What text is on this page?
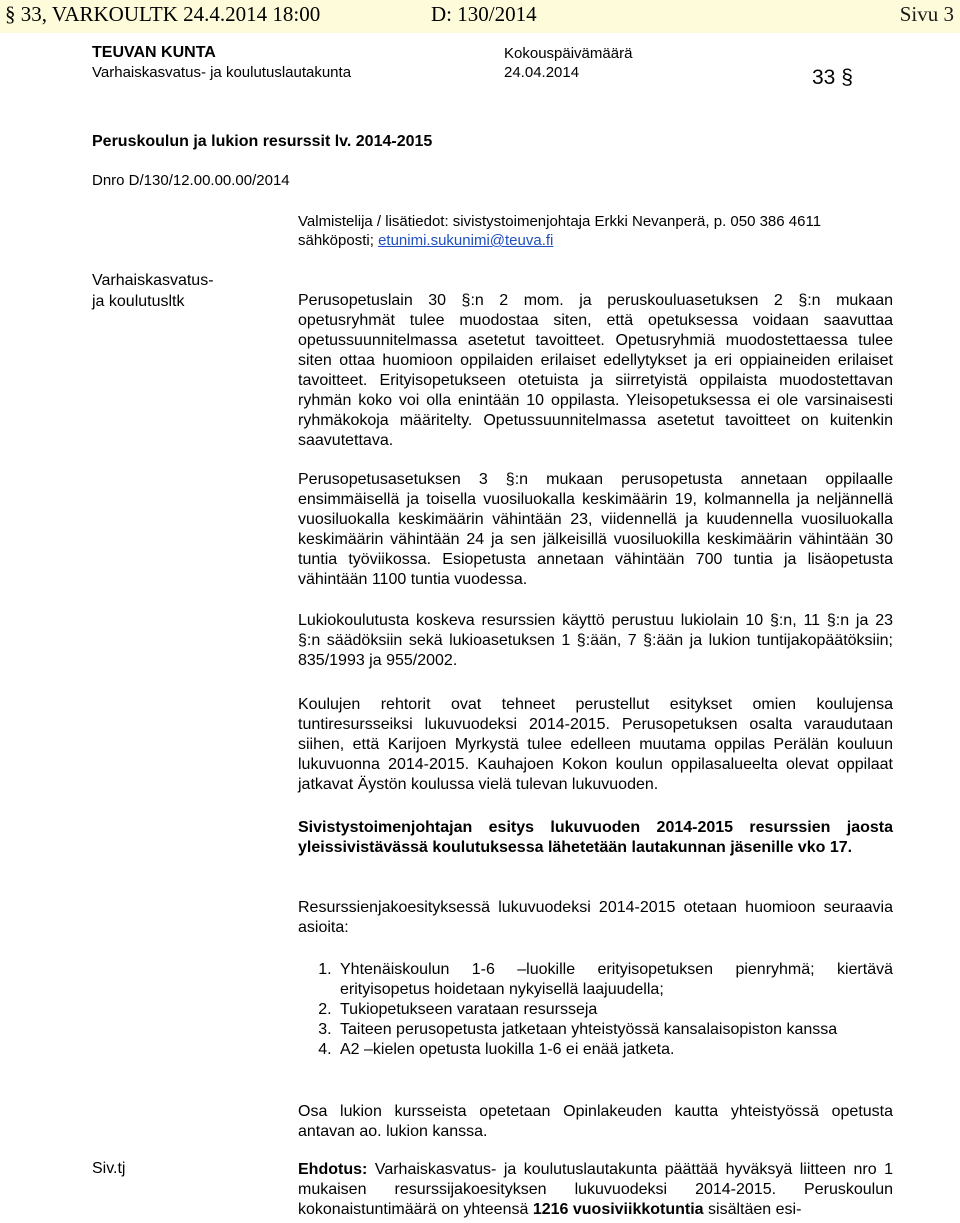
§ 33, VARKOULTK 24.4.2014 18:00	D: 130/2014	Sivu 3
TEUVAN KUNTA
Varhaiskasvatus- ja koulutuslautakunta
Kokouspäivämäärä
24.04.2014	33 §
Peruskoulun ja lukion resurssit lv. 2014-2015
Dnro D/130/12.00.00.00/2014
Valmistelija / lisätiedot: sivistystoimenjohtaja Erkki Nevanperä, p. 050 386 4611
sähköposti; etunimi.sukunimi@teuva.fi
Varhaiskasvatus-
ja koulutusltk	Perusopetuslain 30 §:n 2 mom. ja peruskouluasetuksen 2 §:n mukaan opetusryhmät tulee muodostaa siten, että opetuksessa voidaan saavuttaa opetussuunnitelmassa asetetut tavoitteet. Opetusryhmiä muodostettaessa tulee siten ottaa huomioon oppilaiden erilaiset edellytykset ja eri oppiaineiden erilaiset tavoitteet. Erityisopetukseen otetuista ja siirretyistä oppilaista muodostettavan ryhmän koko voi olla enintään 10 oppilasta. Yleisopetuksessa ei ole varsinaisesti ryhmäkokoja määritelty. Opetussuunnitelmassa asetetut tavoitteet on kuitenkin saavutettava.

Perusopetusasetuksen 3 §:n mukaan perusopetusta annetaan oppilaalle ensimmäisellä ja toisella vuosiluokalla keskimäärin 19, kolmannella ja neljännellä vuosiluokalla keskimäärin vähintään 23, viidennellä ja kuudennella vuosiluokalla keskimäärin vähintään 24 ja sen jälkeisillä vuosiluokilla keskimäärin vähintään 30 tuntia työviikossa. Esiopetusta annetaan vähintään 700 tuntia ja lisäopetusta vähintään 1100 tuntia vuodessa.

Lukiokoulutusta koskeva resurssien käyttö perustuu lukiolain 10 §:n, 11 §:n ja 23 §:n säädöksiin sekä lukioasetuksen 1 §:ään, 7 §:ään ja lukion tuntijakopäätöksiin; 835/1993 ja 955/2002.

Koulujen rehtorit ovat tehneet perustellut esitykset omien koulujensa tuntiresursseiksi lukuvuodeksi 2014-2015. Perusopetuksen osalta varaudutaan siihen, että Karijoen Myrkystä tulee edelleen muutama oppilas Perälän kouluun lukuvuonna 2014-2015. Kauhajoen Kokon koulun oppilasalueelta olevat oppilaat jatkavat Äystön koulussa vielä tulevan lukuvuoden.

Sivistystoimenjohtajan esitys lukuvuoden 2014-2015 resurssien jaosta yleissivistävässä koulutuksessa lähetetään lautakunnan jäsenille vko 17.

Resurssienjakoesityksessä lukuvuodeksi 2014-2015 otetaan huomioon seuraavia asioita:

1. Yhtenäiskoulun 1-6 –luokille erityisopetuksen pienryhmä; kiertävä erityisopetus hoidetaan nykyisellä laajuudella;
2. Tukiopetukseen varataan resursseja
3. Taiteen perusopetusta jatketaan yhteistyössä kansalaisopiston kanssa
4. A2 –kielen opetusta luokilla 1-6 ei enää jatketa.

Osa lukion kursseista opetetaan Opinlakeuden kautta yhteistyössä opetusta antavan ao. lukion kanssa.

Siv.tj	Ehdotus: Varhaiskasvatus- ja koulutuslautakunta päättää hyväksyä liitteen nro 1 mukaisen resurssijakoesityksen lukuvuodeksi 2014-2015. Peruskoulun kokonaistuntimäärä on yhteensä 1216 vuosiviikkotuntia sisältäen esi-
